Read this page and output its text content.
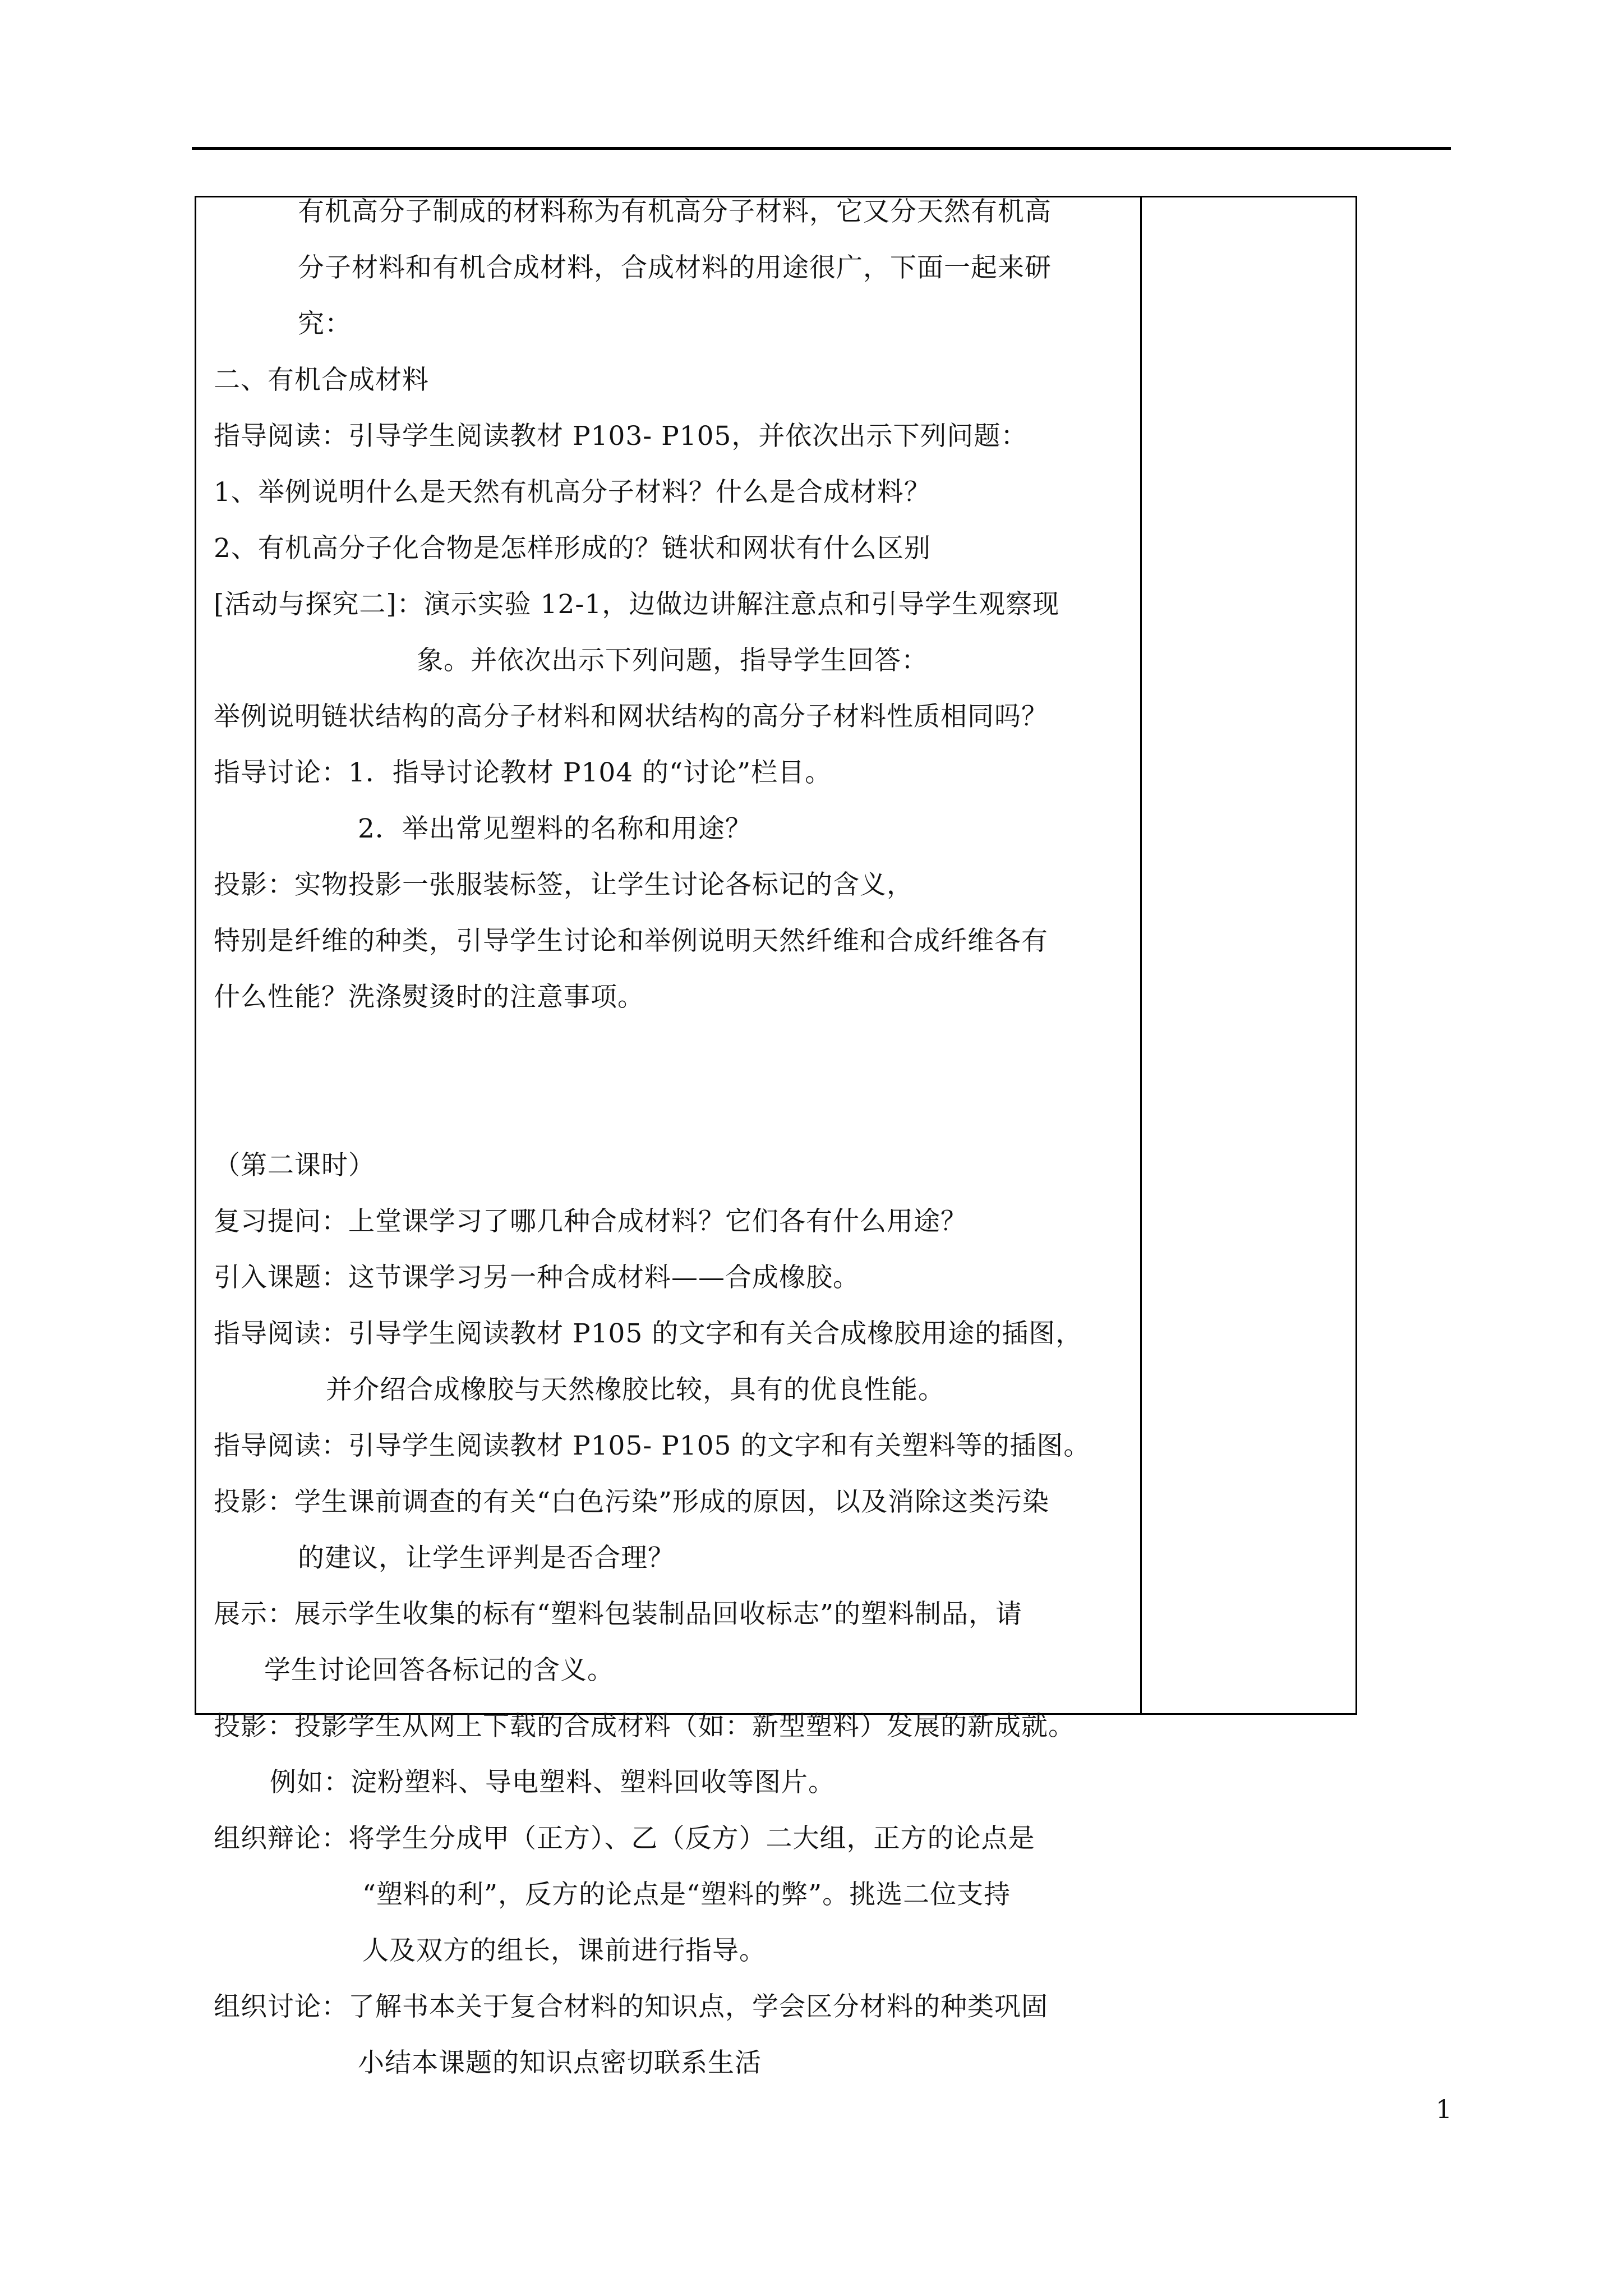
有机高分子制成的材料称为有机高分子材料，它又分天然有机高
分子材料和有机合成材料，合成材料的用途很广，下面一起来研
究：
二、有机合成材料
指导阅读：引导学生阅读教材 P103- P105，并依次出示下列问题：
1、举例说明什么是天然有机高分子材料？什么是合成材料？
2、有机高分子化合物是怎样形成的？链状和网状有什么区别
[活动与探究二]：演示实验 12-1，边做边讲解注意点和引导学生观察现
象。并依次出示下列问题，指导学生回答：
举例说明链状结构的高分子材料和网状结构的高分子材料性质相同吗？
指导讨论：1．指导讨论教材 P104 的“讨论”栏目。
2．举出常见塑料的名称和用途？
投影：实物投影一张服装标签，让学生讨论各标记的含义，
特别是纤维的种类，引导学生讨论和举例说明天然纤维和合成纤维各有
什么性能？洗涤熨烫时的注意事项。
（第二课时）
复习提问：上堂课学习了哪几种合成材料？它们各有什么用途？
引入课题：这节课学习另一种合成材料——合成橡胶。
指导阅读：引导学生阅读教材 P105 的文字和有关合成橡胶用途的插图，
并介绍合成橡胶与天然橡胶比较，具有的优良性能。
指导阅读：引导学生阅读教材 P105- P105 的文字和有关塑料等的插图。
投影：学生课前调查的有关“白色污染”形成的原因，以及消除这类污染
的建议，让学生评判是否合理？
展示：展示学生收集的标有“塑料包装制品回收标志”的塑料制品，请
学生讨论回答各标记的含义。
投影：投影学生从网上下载的合成材料（如：新型塑料）发展的新成就。
例如：淀粉塑料、导电塑料、塑料回收等图片。
组织辩论：将学生分成甲（正方）、乙（反方）二大组，正方的论点是
“塑料的利”，反方的论点是“塑料的弊”。挑选二位支持
人及双方的组长，课前进行指导。
组织讨论：了解书本关于复合材料的知识点，学会区分材料的种类巩固
小结本课题的知识点密切联系生活
1
